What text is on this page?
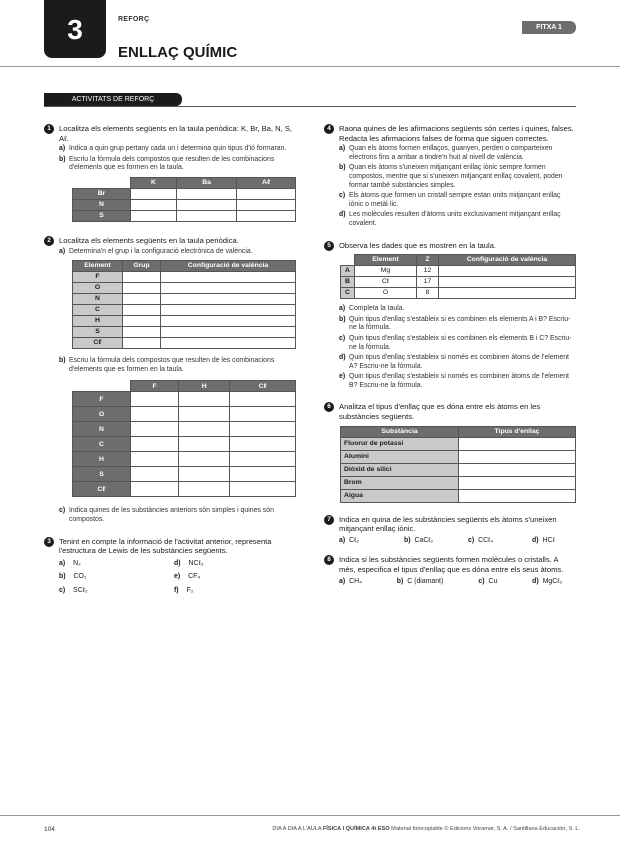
3	REFORÇ
ENLLAÇ QUÍMIC
FITXA 1
ACTIVITATS DE REFORÇ
1	Localitza els elements següents en la taula periòdica: K, Br, Ba, N, S, Aℓ.
a) Indica a quin grup pertany cada un i determina quin tipus d'ió formaran.
b) Escriu la fórmula dels compostos que resulten de les combinacions d'elements que es formen en la taula.
	K	Ba	Aℓ
Br			
N			
S			
2	Localitza els elements següents en la taula periòdica.
a) Determina'n el grup i la configuració electrònica de valència.
Element	Grup	Configuració de valència
F		
O		
N		
C		
H		
S		
Cℓ		
b) Escriu la fórmula dels compostos que resulten de les combinacions d'elements que es formen en la taula.
	F	H	Cℓ
F			
O			
N			
C			
H			
S			
Cℓ			
c) Indica quines de les substàncies anteriors són simples i quines són compostos.
3	Tenint en compte la informació de l'activitat anterior, representa l'estructura de Lewis de les substàncies següents.
a) N₂	d) NCℓ₃
b) CO₂	e) CF₄
c) SCℓ₂	f) F₂
4	Raona quines de les afirmacions següents són certes i quines, falses. Redacta les afirmacions falses de forma que siguen correctes.
a) Quan els àtoms formen enllaços, guanyen, perden o comparteixen electrons fins a arribar a tindre'n huit al nivell de valència.
b) Quan els àtoms s'uneixen mitjançant enllaç iònic sempre formen compostos, mentre que si s'uneixen mitjançant enllaç covalent, poden formar també substàncies simples.
c) Els àtoms que formen un cristall sempre estan units mitjançant enllaç iònic o metàl·lic.
d) Les molècules resulten d'àtoms units exclusivament mitjançant enllaç covalent.
5	Observa les dades que es mostren en la taula.
	Element	Z	Configuració de valència
A	Mg	12	
B	Cℓ	17	
C	O	8	
a) Completa la taula.
b) Quin tipus d'enllaç s'estableix si es combinen els elements A i B? Escriu-ne la fórmula.
c) Quin tipus d'enllaç s'estableix si es combinen els elements B i C? Escriu-ne la fórmula.
d) Quin tipus d'enllaç s'estableix si només es combinen àtoms de l'element A? Escriu-ne la fórmula.
e) Quin tipus d'enllaç s'estableix si només es combinen àtoms de l'element B? Escriu-ne la fórmula.
6	Analitza el tipus d'enllaç que es dóna entre els àtoms en les substàncies següents.
Substància	Tipus d'enllaç
Fluorur de potassi	
Alumini	
Diòxid de silici	
Brom	
Aigua	
7	Indica en quina de les substàncies següents els àtoms s'uneixen mitjançant enllaç iònic.
a) Cℓ₂	b) CaCℓ₂	c) CCℓ₄	d) HCℓ
8	Indica si les substàncies següents formen molècules o cristalls. A més, especifica el tipus d'enllaç que es dóna entre els seus àtoms.
a) CH₄	b) C (diamant)	c) Cu	d) MgCℓ₂
104	DIA A DIA A L'AULA FÍSICA I QUÍMICA 4t ESO Material fotocopiable © Edicions Voramar, S. A. / Santillana Educación, S. L.
